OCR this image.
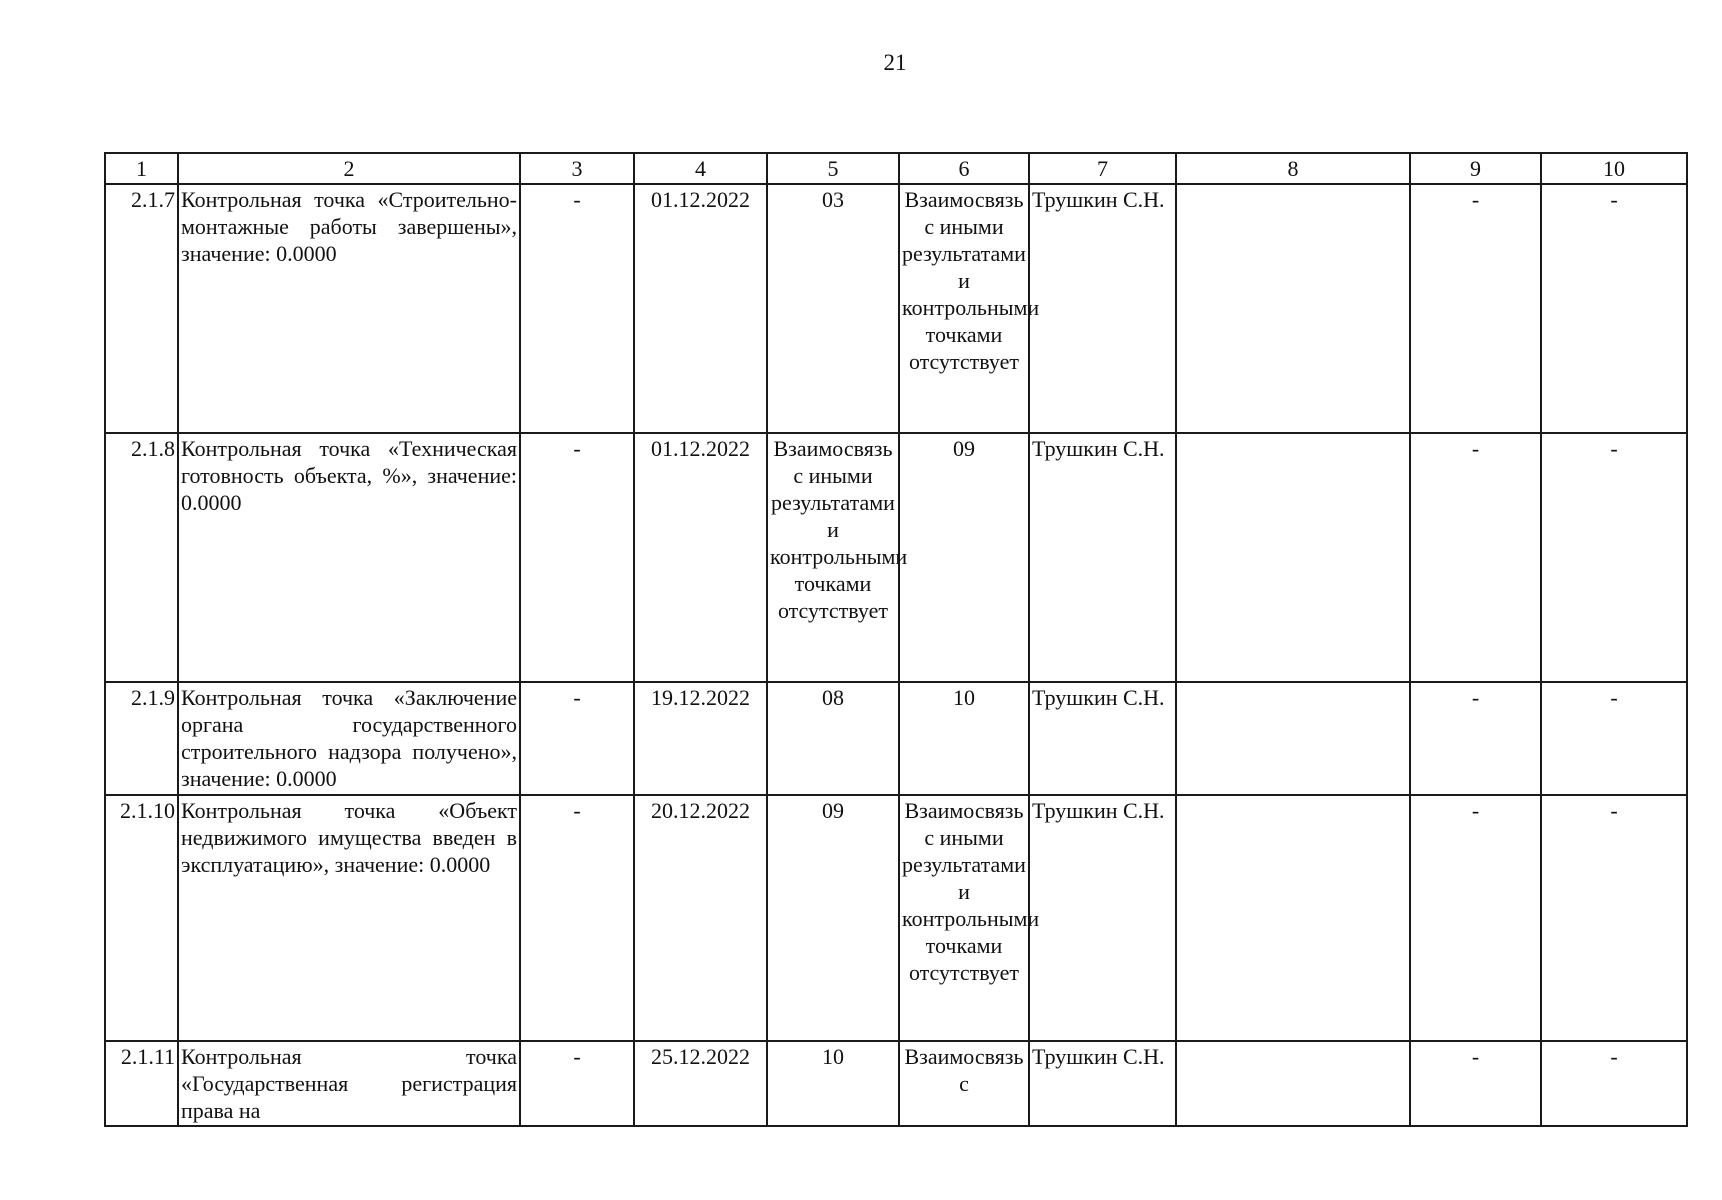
21
1	2	3	4	5	6	7	8	9	10
2.1.7	Контрольная точка «Строительно-монтажные работы завершены», значение: 0.0000	-	01.12.2022	03	Взаимосвязь с иными результатами и контрольными точками отсутствует	Трушкин С.Н.		-	-
2.1.8	Контрольная точка «Техническая готовность объекта, %», значение: 0.0000	-	01.12.2022	Взаимосвязь с иными результатами и контрольными точками отсутствует	09	Трушкин С.Н.		-	-
2.1.9	Контрольная точка «Заключение органа государственного строительного надзора получено», значение: 0.0000	-	19.12.2022	08	10	Трушкин С.Н.		-	-
2.1.10	Контрольная точка «Объект недвижимого имущества введен в эксплуатацию», значение: 0.0000	-	20.12.2022	09	Взаимосвязь с иными результатами и контрольными точками отсутствует	Трушкин С.Н.		-	-
2.1.11	Контрольная точка «Государственная регистрация права на	-	25.12.2022	10	Взаимосвязь с	Трушкин С.Н.		-	-
